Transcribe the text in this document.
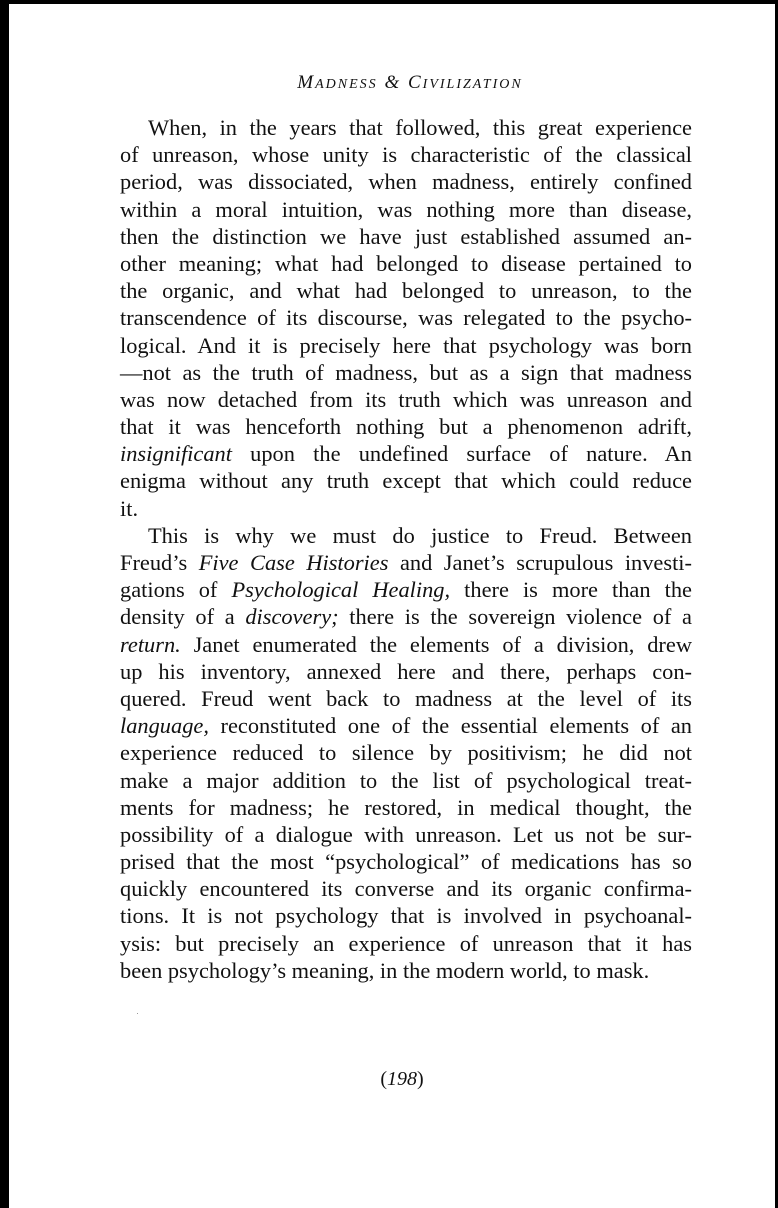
MADNESS & CIVILIZATION
When, in the years that followed, this great experience
of unreason, whose unity is characteristic of the classical
period, was dissociated, when madness, entirely confined
within a moral intuition, was nothing more than disease,
then the distinction we have just established assumed an-
other meaning; what had belonged to disease pertained to
the organic, and what had belonged to unreason, to the
transcendence of its discourse, was relegated to the psycho-
logical. And it is precisely here that psychology was born
—not as the truth of madness, but as a sign that madness
was now detached from its truth which was unreason and
that it was henceforth nothing but a phenomenon adrift,
insignificant upon the undefined surface of nature. An
enigma without any truth except that which could reduce
it.
This is why we must do justice to Freud. Between
Freud’s Five Case Histories and Janet’s scrupulous investi-
gations of Psychological Healing, there is more than the
density of a discovery; there is the sovereign violence of a
return. Janet enumerated the elements of a division, drew
up his inventory, annexed here and there, perhaps con-
quered. Freud went back to madness at the level of its
language, reconstituted one of the essential elements of an
experience reduced to silence by positivism; he did not
make a major addition to the list of psychological treat-
ments for madness; he restored, in medical thought, the
possibility of a dialogue with unreason. Let us not be sur-
prised that the most “psychological” of medications has so
quickly encountered its converse and its organic confirma-
tions. It is not psychology that is involved in psychoanal-
ysis: but precisely an experience of unreason that it has
been psychology’s meaning, in the modern world, to mask.
(198)
